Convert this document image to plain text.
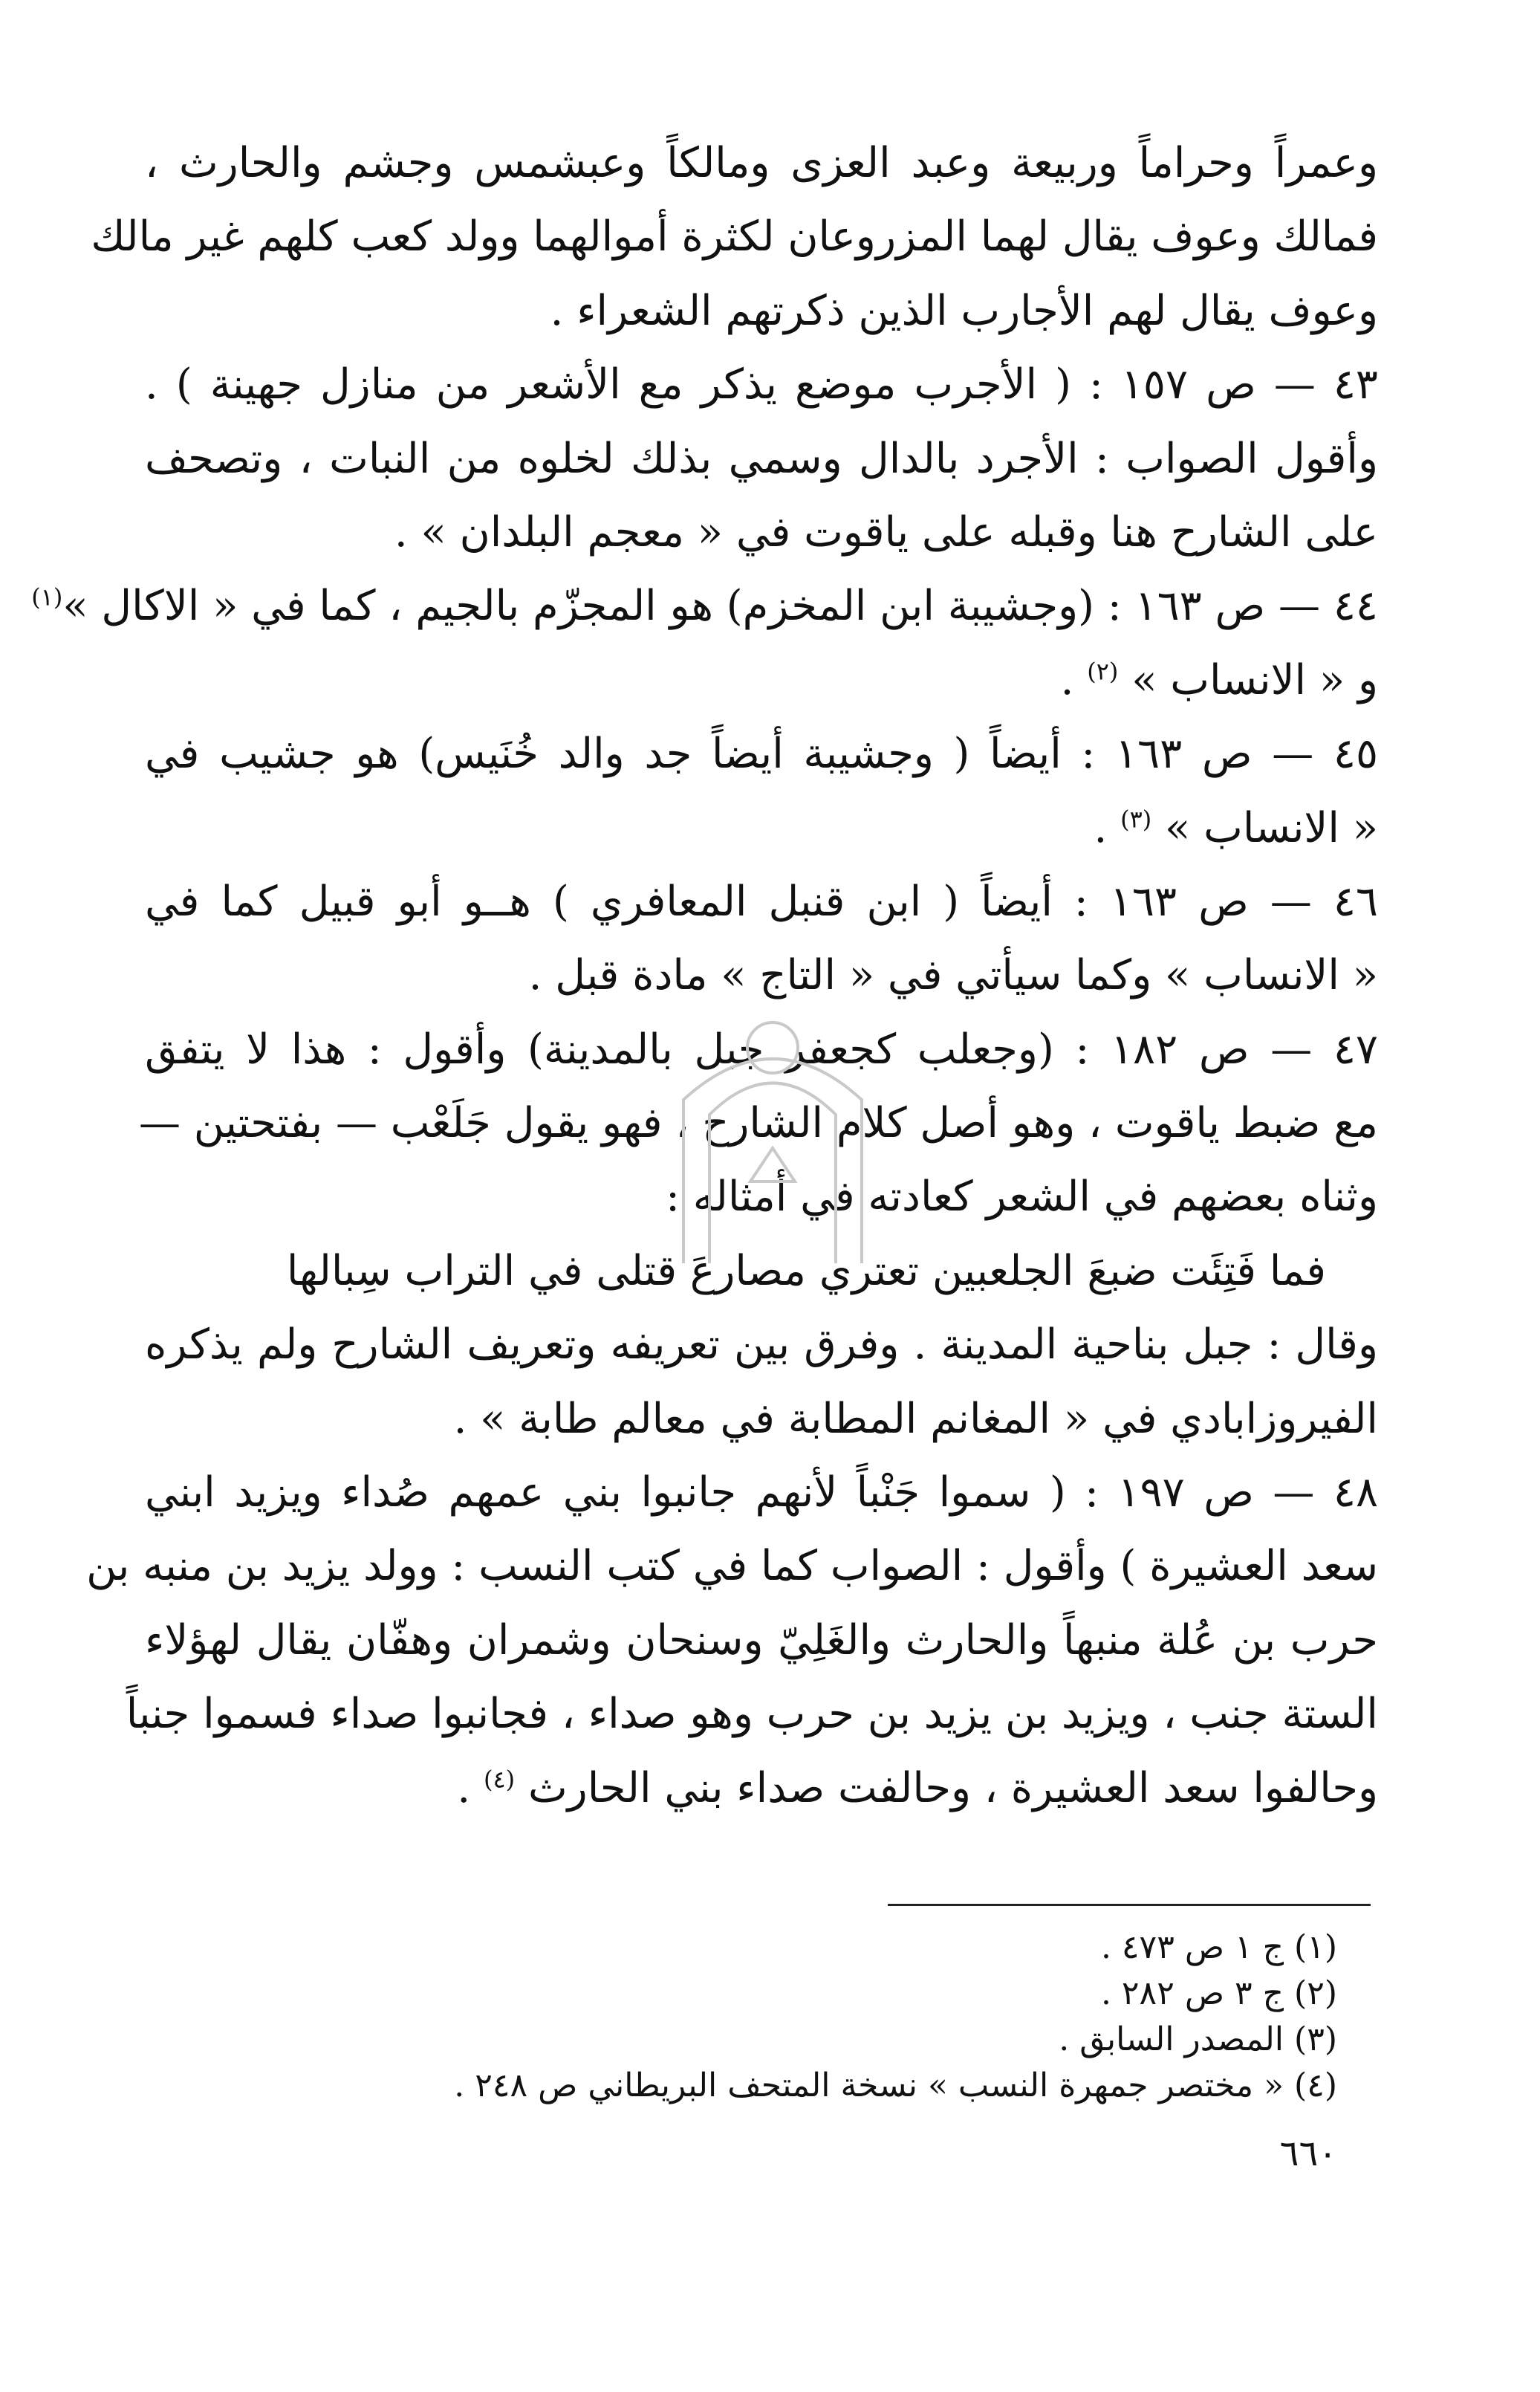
وعمراً وحراماً وربيعة وعبد العزى ومالكاً وعبشمس وجشم والحارث ،
فمالك وعوف يقال لهما المزروعان لكثرة أموالهما وولد كعب كلهم غير مالك
وعوف يقال لهم الأجارب الذين ذكرتهم الشعراء .
٤٣ — ص ١٥٧ : ( الأجرب موضع يذكر مع الأشعر من منازل جهينة ) .
وأقول الصواب : الأجرد بالدال وسمي بذلك لخلوه من النبات ، وتصحف
على الشارح هنا وقبله على ياقوت في « معجم البلدان » .
٤٤ — ص ١٦٣ : (وجشيبة ابن المخزم) هو المجزّم بالجيم ، كما في « الاكال »$^{(١)}$
و « الانساب » $^{(٢)}$ .
٤٥ — ص ١٦٣ : أيضاً ( وجشيبة أيضاً جد والد خُنَيس) هو جشيب في
« الانساب » $^{(٣)}$ .
٤٦ — ص ١٦٣ : أيضاً ( ابن قنبل المعافري ) هــو أبو قبيل كما في
« الانساب » وكما سيأتي في « التاج » مادة قبل .
٤٧ — ص ١٨٢ : (وجعلب كجعفر جبل بالمدينة) وأقول : هذا لا يتفق
مع ضبط ياقوت ، وهو أصل كلام الشارح ، فهو يقول جَلَعْب — بفتحتين —
وثناه بعضهم في الشعر كعادته في أمثاله :
فما فَتِئَت ضبعَ الجلعبين تعتري مصارعَ قتلى في التراب سِبالها
وقال : جبل بناحية المدينة . وفرق بين تعريفه وتعريف الشارح ولم يذكره
الفيروزابادي في « المغانم المطابة في معالم طابة » .
٤٨ — ص ١٩٧ : ( سموا جَنْباً لأنهم جانبوا بني عمهم صُداء ويزيد ابني
سعد العشيرة ) وأقول : الصواب كما في كتب النسب : وولد يزيد بن منبه بن
حرب بن عُلة منبهاً والحارث والغَلِيّ وسنحان وشمران وهفّان يقال لهؤلاء
الستة جنب ، ويزيد بن يزيد بن حرب وهو صداء ، فجانبوا صداء فسموا جنباً
وحالفوا سعد العشيرة ، وحالفت صداء بني الحارث $^{(٤)}$ .
(١) ج ١ ص ٤٧٣ .
(٢) ج ٣ ص ٢٨٢ .
(٣) المصدر السابق .
(٤) « مختصر جمهرة النسب » نسخة المتحف البريطاني ص ٢٤٨ .
٦٦٠
